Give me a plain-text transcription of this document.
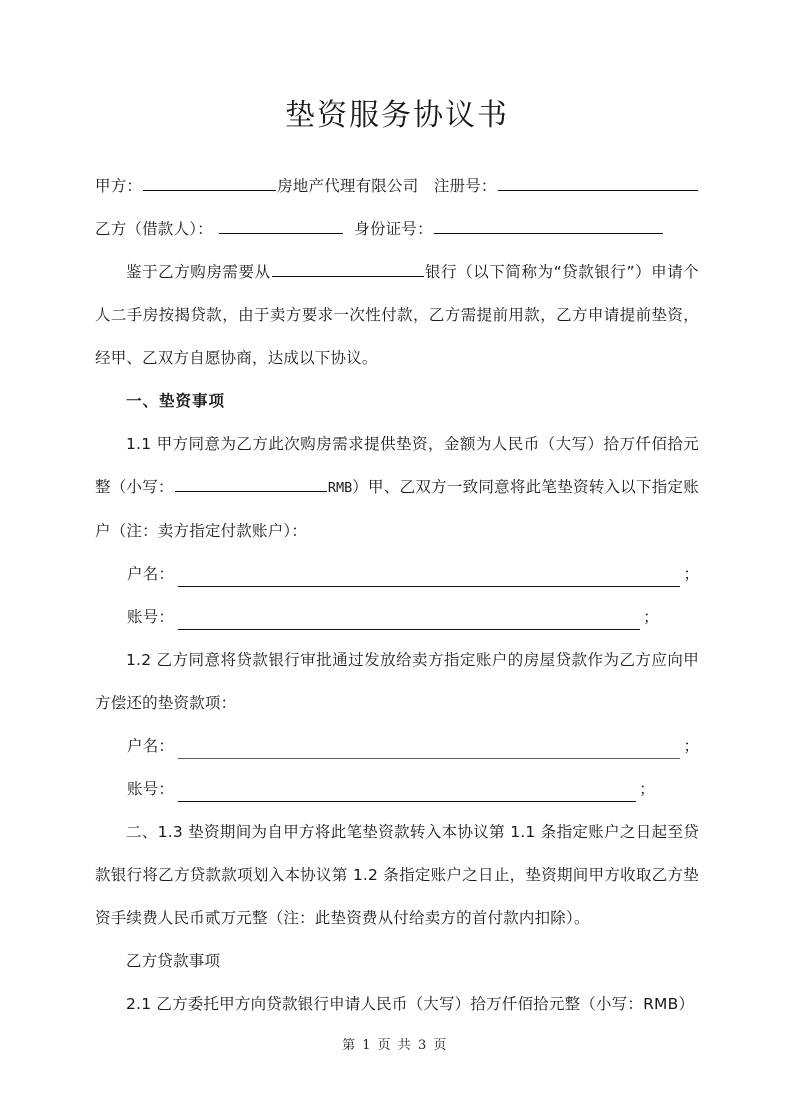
垫资服务协议书

甲方：	房地产代理有限公司 注册号：

乙方（借款人）：	身份证号：

鉴于乙方购房需要从	银行（以下简称为“贷款银行”）申请个人二手房按揭贷款，由于卖方要求一次性付款，乙方需提前用款，乙方申请提前垫资，经甲、乙双方自愿协商，达成以下协议。

一、垫资事项

1.1 甲方同意为乙方此次购房需求提供垫资，金额为人民币（大写）拾万仟佰拾元整（小写：	RMB）甲、乙双方一致同意将此笔垫资转入以下指定账户（注：卖方指定付款账户）：

户名：	；
账号：	；

1.2 乙方同意将贷款银行审批通过发放给卖方指定账户的房屋贷款作为乙方应向甲方偿还的垫资款项：

户名：	；
账号：	；

二、1.3 垫资期间为自甲方将此笔垫资款转入本协议第 1.1 条指定账户之日起至贷款银行将乙方贷款款项划入本协议第 1.2 条指定账户之日止，垫资期间甲方收取乙方垫资手续费人民币贰万元整（注：此垫资费从付给卖方的首付款内扣除）。

乙方贷款事项

2.1 乙方委托甲方向贷款银行申请人民币（大写）拾万仟佰拾元整（小写：RMB）

第 1 页 共 3 页
